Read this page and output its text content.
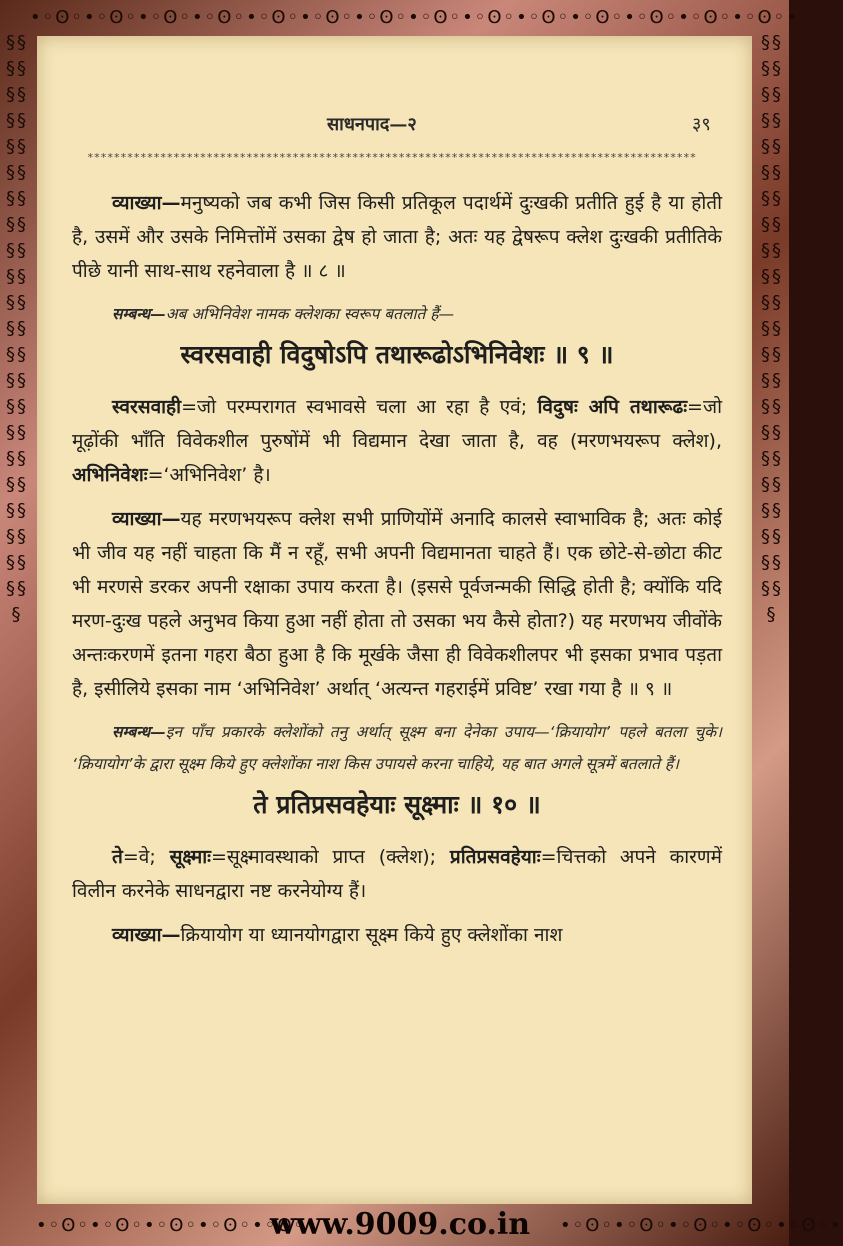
•◦ʘ◦•◦ʘ◦•◦ʘ◦•◦ʘ◦•◦ʘ◦•◦ʘ◦•◦ʘ◦•◦ʘ◦•◦ʘ◦•◦ʘ◦•◦ʘ◦•◦ʘ◦•◦ʘ◦•◦ʘ◦•
§§§§§§§§§§§§§§§§§§§§§§§§§§§§§§§§§§§§§§§§§§§§§
§§§§§§§§§§§§§§§§§§§§§§§§§§§§§§§§§§§§§§§§§§§§§
•◦ʘ◦•◦ʘ◦•◦ʘ◦•◦ʘ◦•◦ʘ◦•	•◦ʘ◦•◦ʘ◦•◦ʘ◦•◦ʘ◦•◦ʘ◦•
www.9009.co.in
साधनपाद—२	३९
********************************************************************************************

व्याख्या—मनुष्यको जब कभी जिस किसी प्रतिकूल पदार्थमें दुःखकी प्रतीति हुई है या होती है, उसमें और उसके निमित्तोंमें उसका द्वेष हो जाता है; अतः यह द्वेषरूप क्लेश दुःखकी प्रतीतिके पीछे यानी साथ-साथ रहनेवाला है ॥ ८ ॥

सम्बन्ध—अब अभिनिवेश नामक क्लेशका स्वरूप बतलाते हैं—

स्वरसवाही विदुषोऽपि तथारूढोऽभिनिवेशः ॥ ९ ॥

स्वरसवाही=जो परम्परागत स्वभावसे चला आ रहा है एवं; विदुषः अपि तथारूढः=जो मूढ़ोंकी भाँति विवेकशील पुरुषोंमें भी विद्यमान देखा जाता है, वह (मरणभयरूप क्लेश), अभिनिवेशः=‘अभिनिवेश’ है।

व्याख्या—यह मरणभयरूप क्लेश सभी प्राणियोंमें अनादि कालसे स्वाभाविक है; अतः कोई भी जीव यह नहीं चाहता कि मैं न रहूँ, सभी अपनी विद्यमानता चाहते हैं। एक छोटे-से-छोटा कीट भी मरणसे डरकर अपनी रक्षाका उपाय करता है। (इससे पूर्वजन्मकी सिद्धि होती है; क्योंकि यदि मरण-दुःख पहले अनुभव किया हुआ नहीं होता तो उसका भय कैसे होता?) यह मरणभय जीवोंके अन्तःकरणमें इतना गहरा बैठा हुआ है कि मूर्खके जैसा ही विवेकशीलपर भी इसका प्रभाव पड़ता है, इसीलिये इसका नाम ‘अभिनिवेश’ अर्थात् ‘अत्यन्त गहराईमें प्रविष्ट’ रखा गया है ॥ ९ ॥

सम्बन्ध—इन पाँच प्रकारके क्लेशोंको तनु अर्थात् सूक्ष्म बना देनेका उपाय—‘क्रियायोग’ पहले बतला चुके। ‘क्रियायोग’के द्वारा सूक्ष्म किये हुए क्लेशोंका नाश किस उपायसे करना चाहिये, यह बात अगले सूत्रमें बतलाते हैं।

ते प्रतिप्रसवहेयाः सूक्ष्माः ॥ १० ॥

ते=वे; सूक्ष्माः=सूक्ष्मावस्थाको प्राप्त (क्लेश); प्रतिप्रसवहेयाः=चित्तको अपने कारणमें विलीन करनेके साधनद्वारा नष्ट करनेयोग्य हैं।

व्याख्या—क्रियायोग या ध्यानयोगद्वारा सूक्ष्म किये हुए क्लेशोंका नाश
